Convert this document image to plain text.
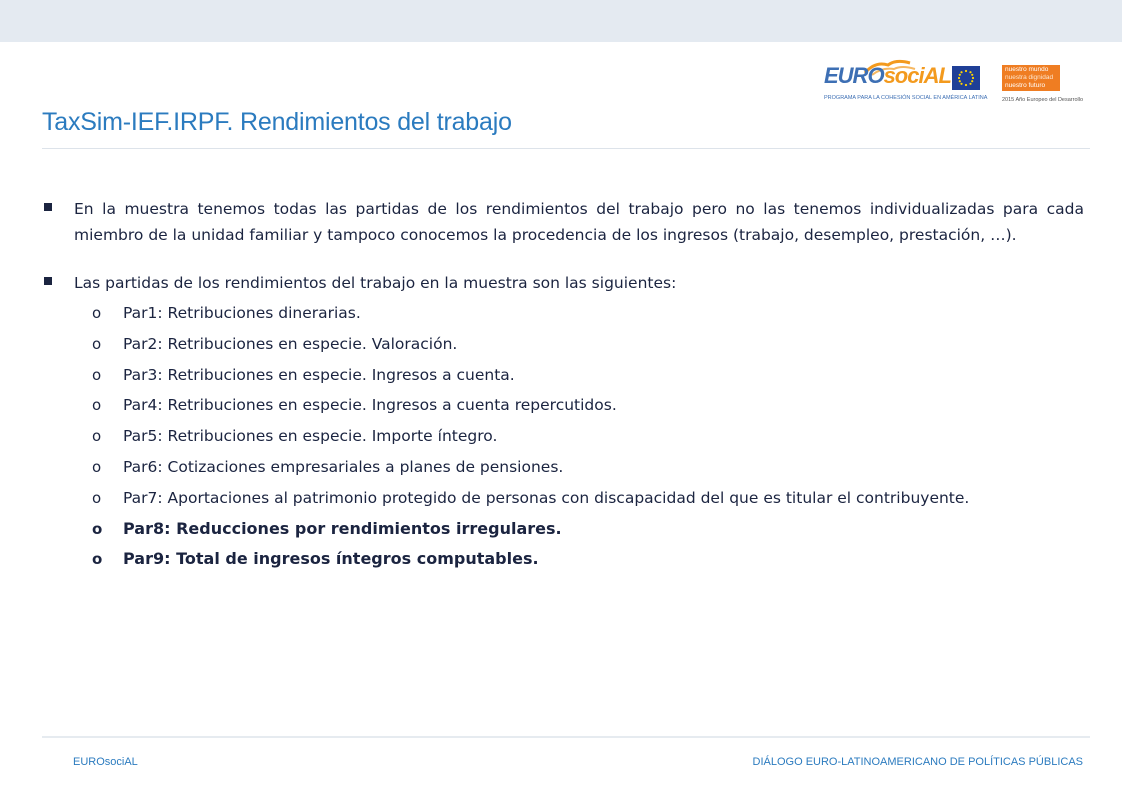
EUROsociAL
PROGRAMA PARA LA COHESIÓN SOCIAL EN AMÉRICA LATINA
nuestro mundo
nuestra dignidad
nuestro futuro
2015 Año Europeo del Desarrollo
TaxSim-IEF.IRPF. Rendimientos del trabajo

En la muestra tenemos todas las partidas de los rendimientos del trabajo pero no las tenemos individualizadas para cada miembro de la unidad familiar y tampoco conocemos la procedencia de los ingresos (trabajo, desempleo, prestación, …).

Las partidas de los rendimientos del trabajo en la muestra son las siguientes:

o Par1: Retribuciones dinerarias.
o Par2: Retribuciones en especie. Valoración.
o Par3: Retribuciones en especie. Ingresos a cuenta.
o Par4: Retribuciones en especie. Ingresos a cuenta repercutidos.
o Par5: Retribuciones en especie. Importe íntegro.
o Par6: Cotizaciones empresariales a planes de pensiones.
o Par7: Aportaciones al patrimonio protegido de personas con discapacidad del que es titular el contribuyente.
o Par8: Reducciones por rendimientos irregulares.
o Par9: Total de ingresos íntegros computables.
EUROsociAL	DIÁLOGO EURO-LATINOAMERICANO DE POLÍTICAS PÚBLICAS
